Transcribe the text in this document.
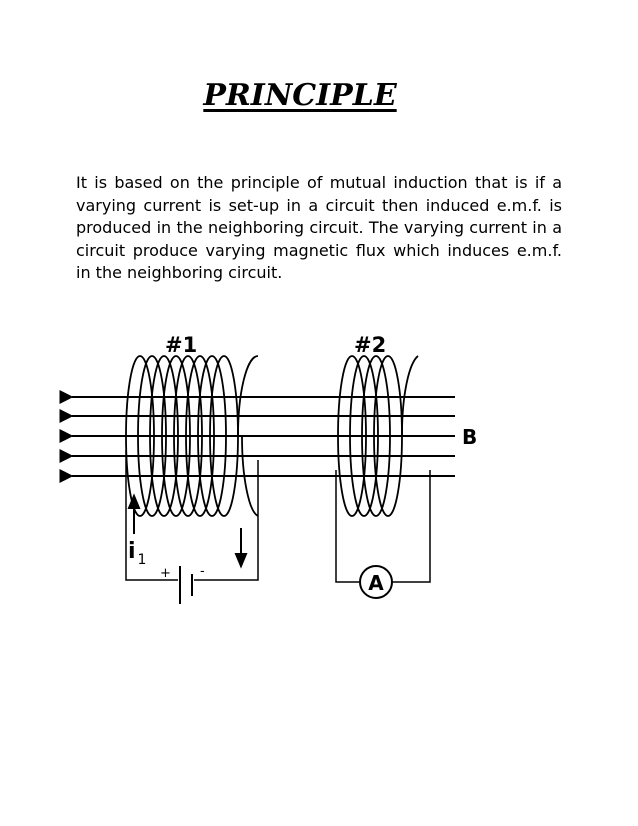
PRINCIPLE

It is based on the principle of mutual induction that is if a varying current is set-up in a circuit then induced e.m.f. is produced in the neighboring circuit. The varying current in a circuit produce varying magnetic flux which induces e.m.f. in the neighboring circuit.

A
#1	#2
B
i $_1$
+ -
